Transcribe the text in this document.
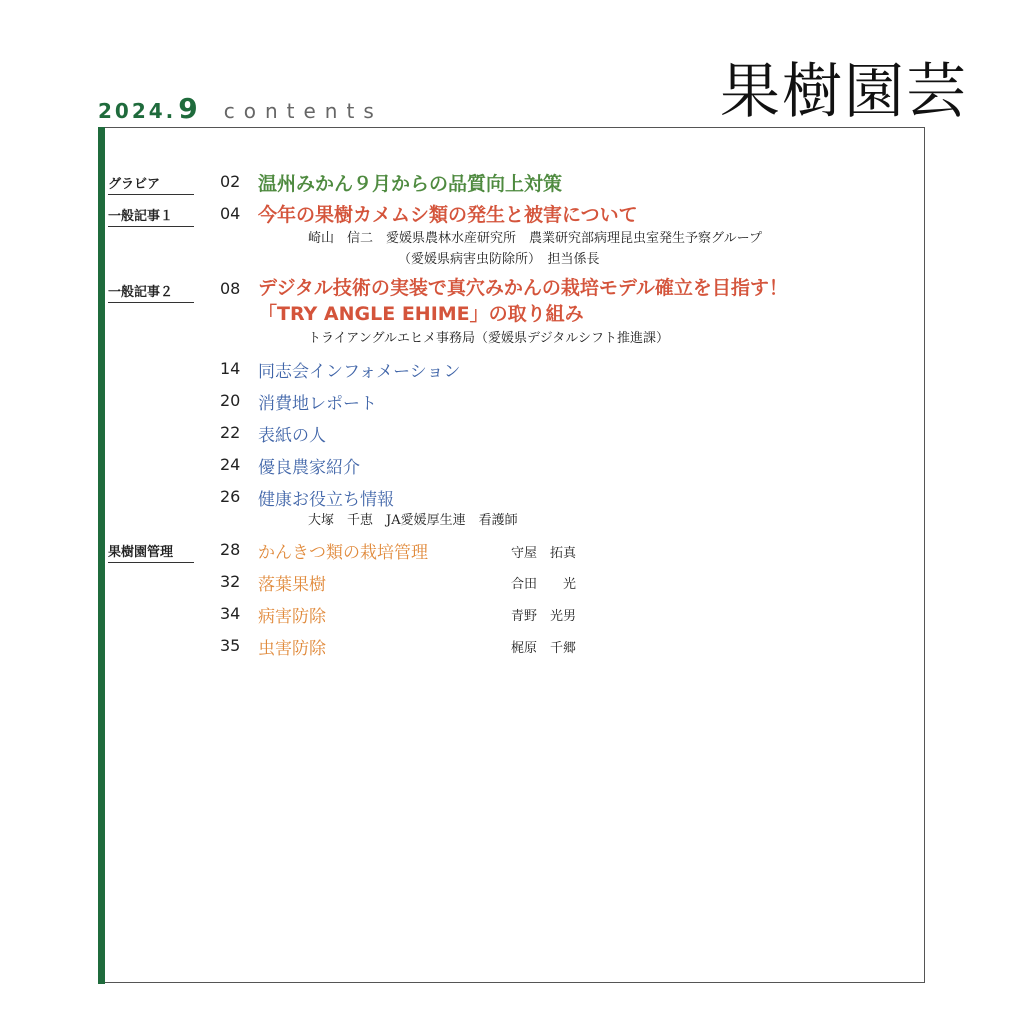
2024. 9 contents	果樹園芸
グラビア	02 温州みかん９月からの品質向上対策
一般記事１	04 今年の果樹カメムシ類の発生と被害について
崎山　信二　愛媛県農林水産研究所　農業研究部病理昆虫室発生予察グループ
（愛媛県病害虫防除所）　担当係長
一般記事２	08 デジタル技術の実装で真穴みかんの栽培モデル確立を目指す！
「TRY ANGLE EHIME」の取り組み
トライアングルエヒメ事務局（愛媛県デジタルシフト推進課）
14 同志会インフォメーション
20 消費地レポート
22 表紙の人
24 優良農家紹介
26 健康お役立ち情報
大塚　千恵　JA愛媛厚生連　看護師
果樹園管理	28 かんきつ類の栽培管理	守屋　拓真
32 落葉果樹	合田　　光
34 病害防除	青野　光男
35 虫害防除	梶原　千郷
